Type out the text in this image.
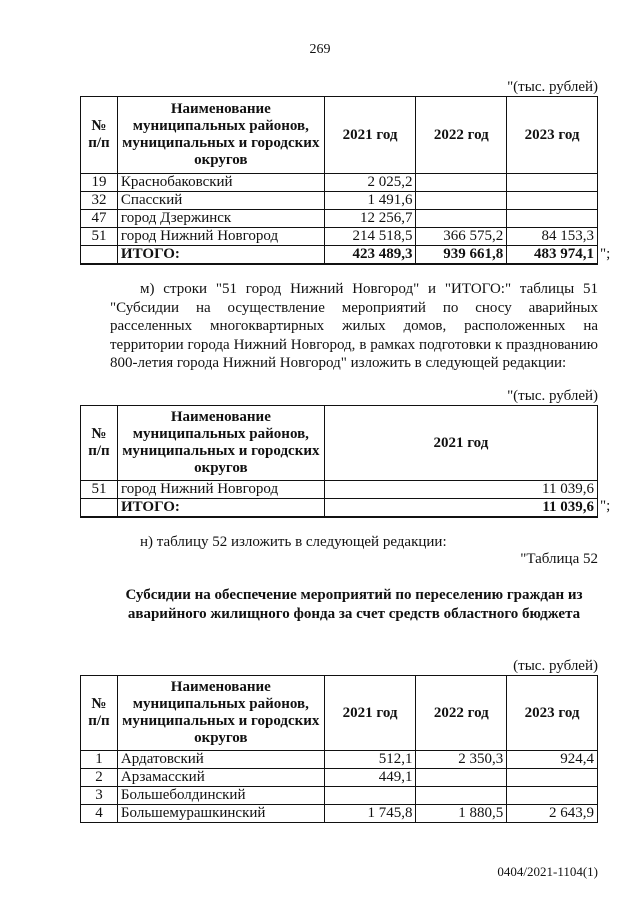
269
"(тыс. рублей)
№ п/п	Наименование муниципальных районов, муниципальных и городских округов	2021 год	2022 год	2023 год
19	Краснобаковский	2 025,2		
32	Спасский	1 491,6		
47	город Дзержинск	12 256,7		
51	город Нижний Новгород	214 518,5	366 575,2	84 153,3
	ИТОГО:	423 489,3	939 661,8	483 974,1 ";
м) строки "51 город Нижний Новгород" и "ИТОГО:" таблицы 51 "Субсидии на осуществление мероприятий по сносу аварийных расселенных многоквартирных жилых домов, расположенных на территории города Нижний Новгород, в рамках подготовки к празднованию 800-летия города Нижний Новгород" изложить в следующей редакции:
"(тыс. рублей)
№ п/п	Наименование муниципальных районов, муниципальных и городских округов	2021 год
51	город Нижний Новгород	11 039,6
	ИТОГО:	11 039,6 ";
н) таблицу 52 изложить в следующей редакции:
"Таблица 52
Субсидии на обеспечение мероприятий по переселению граждан из аварийного жилищного фонда за счет средств областного бюджета
(тыс. рублей)
№ п/п	Наименование муниципальных районов, муниципальных и городских округов	2021 год	2022 год	2023 год
1	Ардатовский	512,1	2 350,3	924,4
2	Арзамасский	449,1		
3	Большеболдинский			
4	Большемурашкинский	1 745,8	1 880,5	2 643,9
0404/2021-1104(1)
